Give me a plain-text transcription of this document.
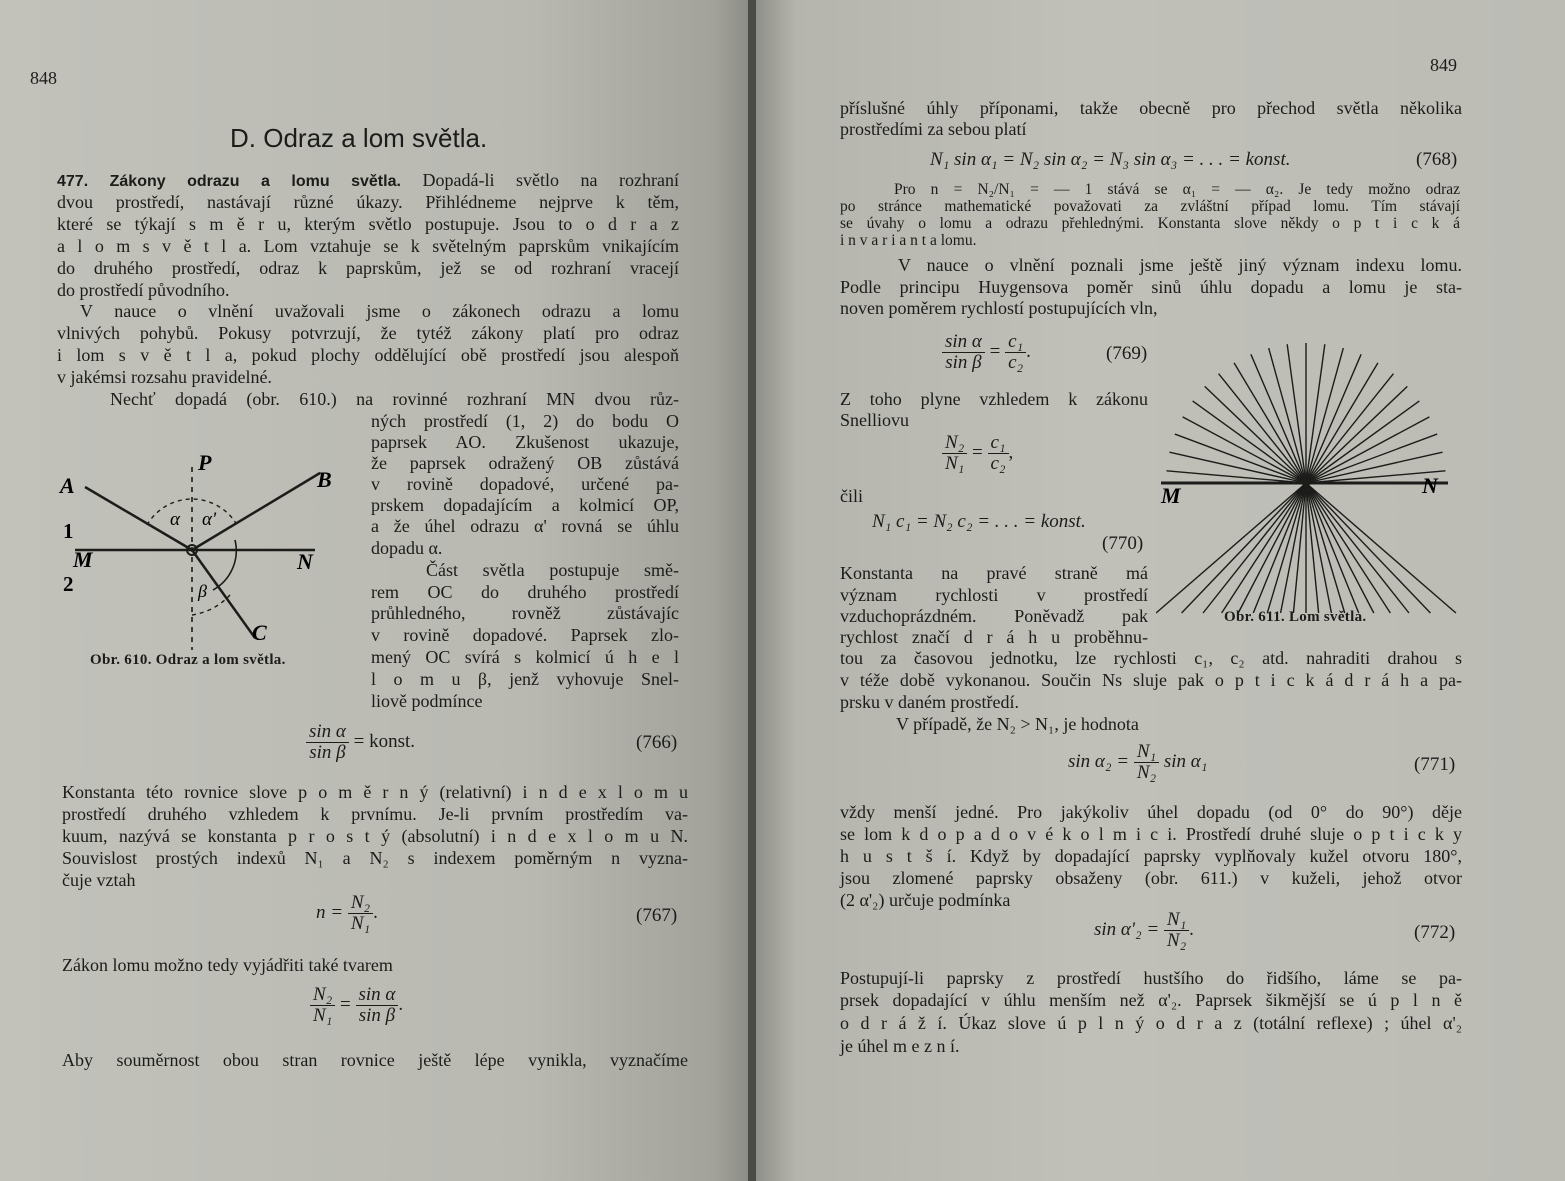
848
D. Odraz a lom světla.
477. Zákony odrazu a lomu světla. Dopadá-li světlo na rozhraní
dvou prostředí, nastávají různé úkazy. Přihlédneme nejprve k těm,
které se týkají s m ě r u, kterým světlo postupuje. Jsou to o d r a z
a l o m s v ě t l a. Lom vztahuje se k světelným paprskům vnikajícím
do druhého prostředí, odraz k paprskům, jež se od rozhraní vracejí
do prostředí původního.
V nauce o vlnění uvažovali jsme o zákonech odrazu a lomu
vlnivých pohybů. Pokusy potvrzují, že tytéž zákony platí pro odraz
i lom s v ě t l a, pokud plochy oddělující obě prostředí jsou alespoň
v jakémsi rozsahu pravidelné.
Nechť dopadá (obr. 610.) na rovinné rozhraní MN dvou růz-
ných prostředí (1, 2) do bodu O
paprsek AO. Zkušenost ukazuje,
že paprsek odražený OB zůstává
v rovině dopadové, určené pa-
prskem dopadajícím a kolmicí OP,
a že úhel odrazu α' rovná se úhlu
dopadu α.
Část světla postupuje smě-
rem OC do druhého prostředí
průhledného, rovněž zůstávajíc
v rovině dopadové. Paprsek zlo-
mený OC svírá s kolmicí ú h e l
l o m u β, jenž vyhovuje Snel-
liově podmínce
A	B
C
P
M	N
1
2
α α'
β
Obr. 610. Odraz a lom světla.
$\frac{\text{sin α}}{\text{sin β}}$ = konst.	(766)
Konstanta této rovnice slove p o m ě r n ý (relativní) i n d e x l o m u
prostředí druhého vzhledem k prvnímu. Je-li prvním prostředím va-
kuum, nazývá se konstanta p r o s t ý (absolutní) i n d e x l o m u N.
Souvislost prostých indexů N₁ a N₂ s indexem poměrným n vyzna-
čuje vztah
$n = \frac{\text{N₂}}{\text{N₁}}$ .	(767)
Zákon lomu možno tedy vyjádřiti také tvarem
$\frac{\text{N₂}}{\text{N₁}} = \frac{\text{sin α}}{\text{sin β}}$ .
Aby souměrnost obou stran rovnice ještě lépe vynikla, vyznačíme
849
příslušné úhly příponami, takže obecně pro přechod světla několika
prostředími za sebou platí
N₁ sin α₁ = N₂ sin α₂ = N₃ sin α₃ = . . . = konst.	(768)
Pro n = N₂/N₁ = — 1 stává se α₁ = — α₂. Je tedy možno odraz
po stránce mathematické považovati za zvláštní případ lomu. Tím stávají
se úvahy o lomu a odrazu přehlednými. Konstanta slove někdy o p t i c k á
i n v a r i a n t a lomu.
V nauce o vlnění poznali jsme ještě jiný význam indexu lomu.
Podle principu Huygensova poměr sinů úhlu dopadu a lomu je sta-
noven poměrem rychlostí postupujících vln,
$\frac{\text{sin α}}{\text{sin β}} = \frac{\text{c₁}}{\text{c₂}}$ .	(769)
Z toho plyne vzhledem k zákonu
Snelliovu
$\frac{\text{N₂}}{\text{N₁}} = \frac{\text{c₁}}{\text{c₂}}$ ,
čili
N₁ c₁ = N₂ c₂ = . . . = konst.
(770)
Konstanta na pravé straně má
význam rychlosti v prostředí
vzduchoprázdném. Poněvadž pak
rychlost značí d r á h u proběhnu-
M	N
Obr. 611. Lom světla.
tou za časovou jednotku, lze rychlosti c₁, c₂ atd. nahraditi drahou s
v téže době vykonanou. Součin Ns sluje pak o p t i c k á d r á h a pa-
prsku v daném prostředí.
V případě, že N₂ > N₁, je hodnota
$\sin \alpha_2 = \frac{\text{N₁}}{\text{N₂}}$ sin α₁	(771)
vždy menší jedné. Pro jakýkoliv úhel dopadu (od 0° do 90°) děje
se lom k d o p a d o v é k o l m i c i. Prostředí druhé sluje o p t i c k y
h u s t š í. Když by dopadající paprsky vyplňovaly kužel otvoru 180°,
jsou zlomené paprsky obsaženy (obr. 611.) v kuželi, jehož otvor
(2 α'₂) určuje podmínka
$\sin \alpha'_2 = \frac{\text{N₁}}{\text{N₂}}$ .	(772)
Postupují-li paprsky z prostředí hustšího do řidšího, láme se pa-
prsek dopadající v úhlu menším než α'₂. Paprsek šikmější se ú p l n ě
o d r á ž í. Úkaz slove ú p l n ý o d r a z (totální reflexe) ; úhel α'₂
je úhel m e z n í.
